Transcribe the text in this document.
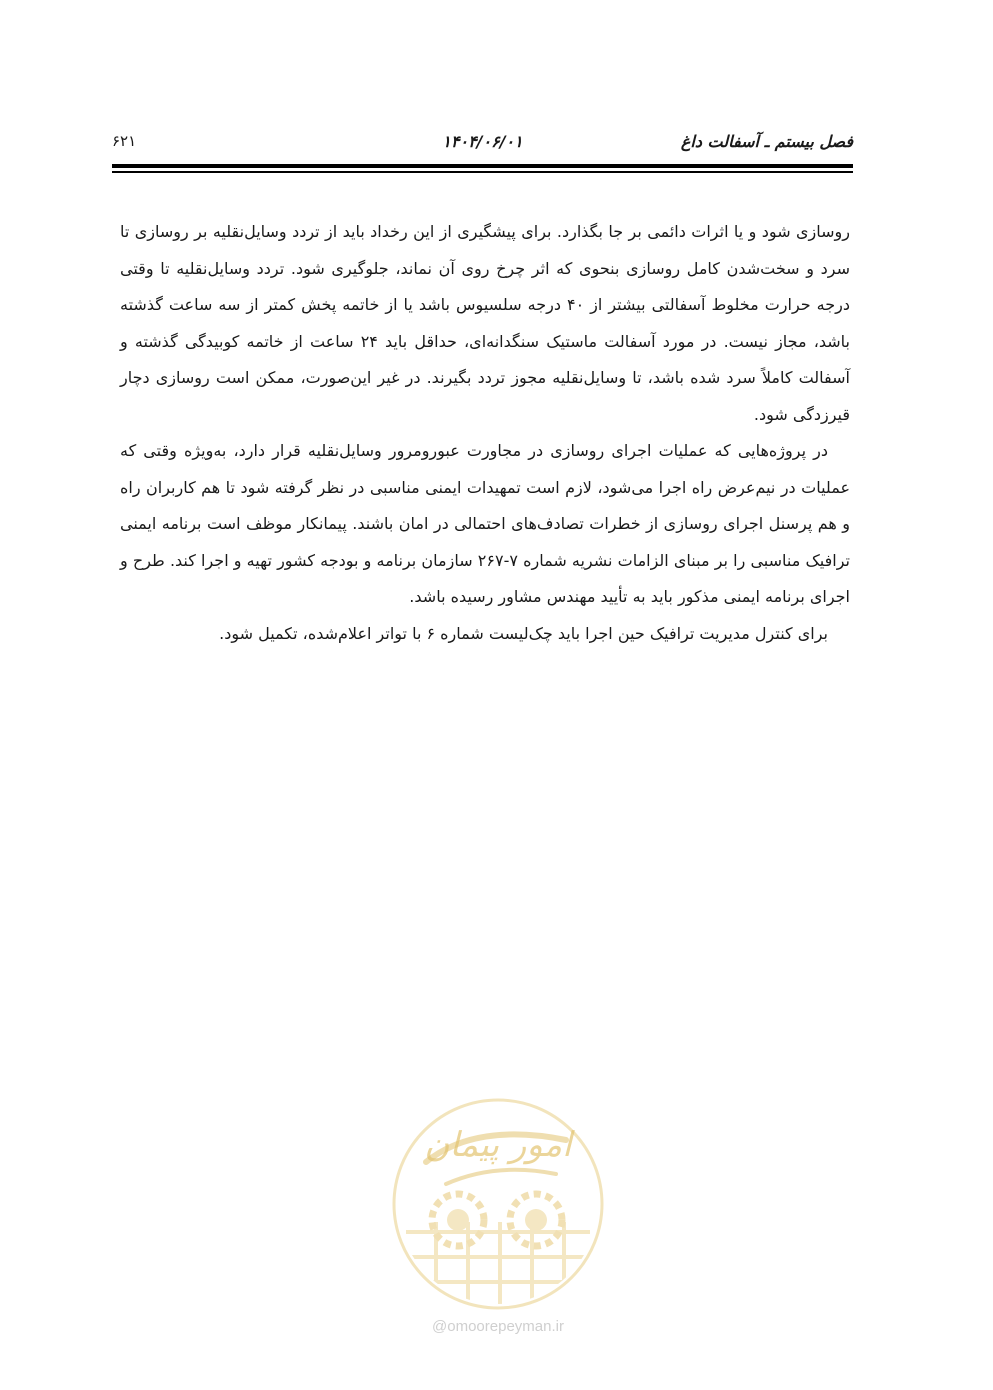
فصل بیستم ـ آسفالت داغ
۱۴۰۴/۰۶/۰۱
۶۲۱

روسازی شود و یا اثرات دائمی بر جا بگذارد. برای پیشگیری از این رخداد باید از تردد وسایل‌نقلیه بر روسازی تا سرد و سخت‌شدن کامل روسازی بنحوی که اثر چرخ روی آن نماند، جلوگیری شود. تردد وسایل‌نقلیه تا وقتی درجه حرارت مخلوط آسفالتی بیشتر از ۴۰ درجه سلسیوس باشد یا از خاتمه پخش کمتر از سه ساعت گذشته باشد، مجاز نیست. در مورد آسفالت ماستیک سنگدانه‌ای، حداقل باید ۲۴ ساعت از خاتمه کوبیدگی گذشته و آسفالت کاملاً سرد شده باشد، تا وسایل‌نقلیه مجوز تردد بگیرند. در غیر این‌صورت، ممکن است روسازی دچار قیرزدگی شود.

در پروژه‌هایی که عملیات اجرای روسازی در مجاورت عبورومرور وسایل‌نقلیه قرار دارد، به‌ویژه وقتی که عملیات در نیم‌عرض راه اجرا می‌شود، لازم است تمهیدات ایمنی مناسبی در نظر گرفته شود تا هم کاربران راه و هم پرسنل اجرای روسازی از خطرات تصادف‌های احتمالی در امان باشند. پیمانکار موظف است برنامه ایمنی ترافیک مناسبی را بر مبنای الزامات نشریه شماره ۷-۲۶۷ سازمان برنامه و بودجه کشور تهیه و اجرا کند. طرح و اجرای برنامه ایمنی مذکور باید به تأیید مهندس مشاور رسیده باشد.

برای کنترل مدیریت ترافیک حین اجرا باید چک‌لیست شماره ۶ با تواتر اعلام‌شده، تکمیل شود.

امور پیمان
@omoorepeyman.ir
